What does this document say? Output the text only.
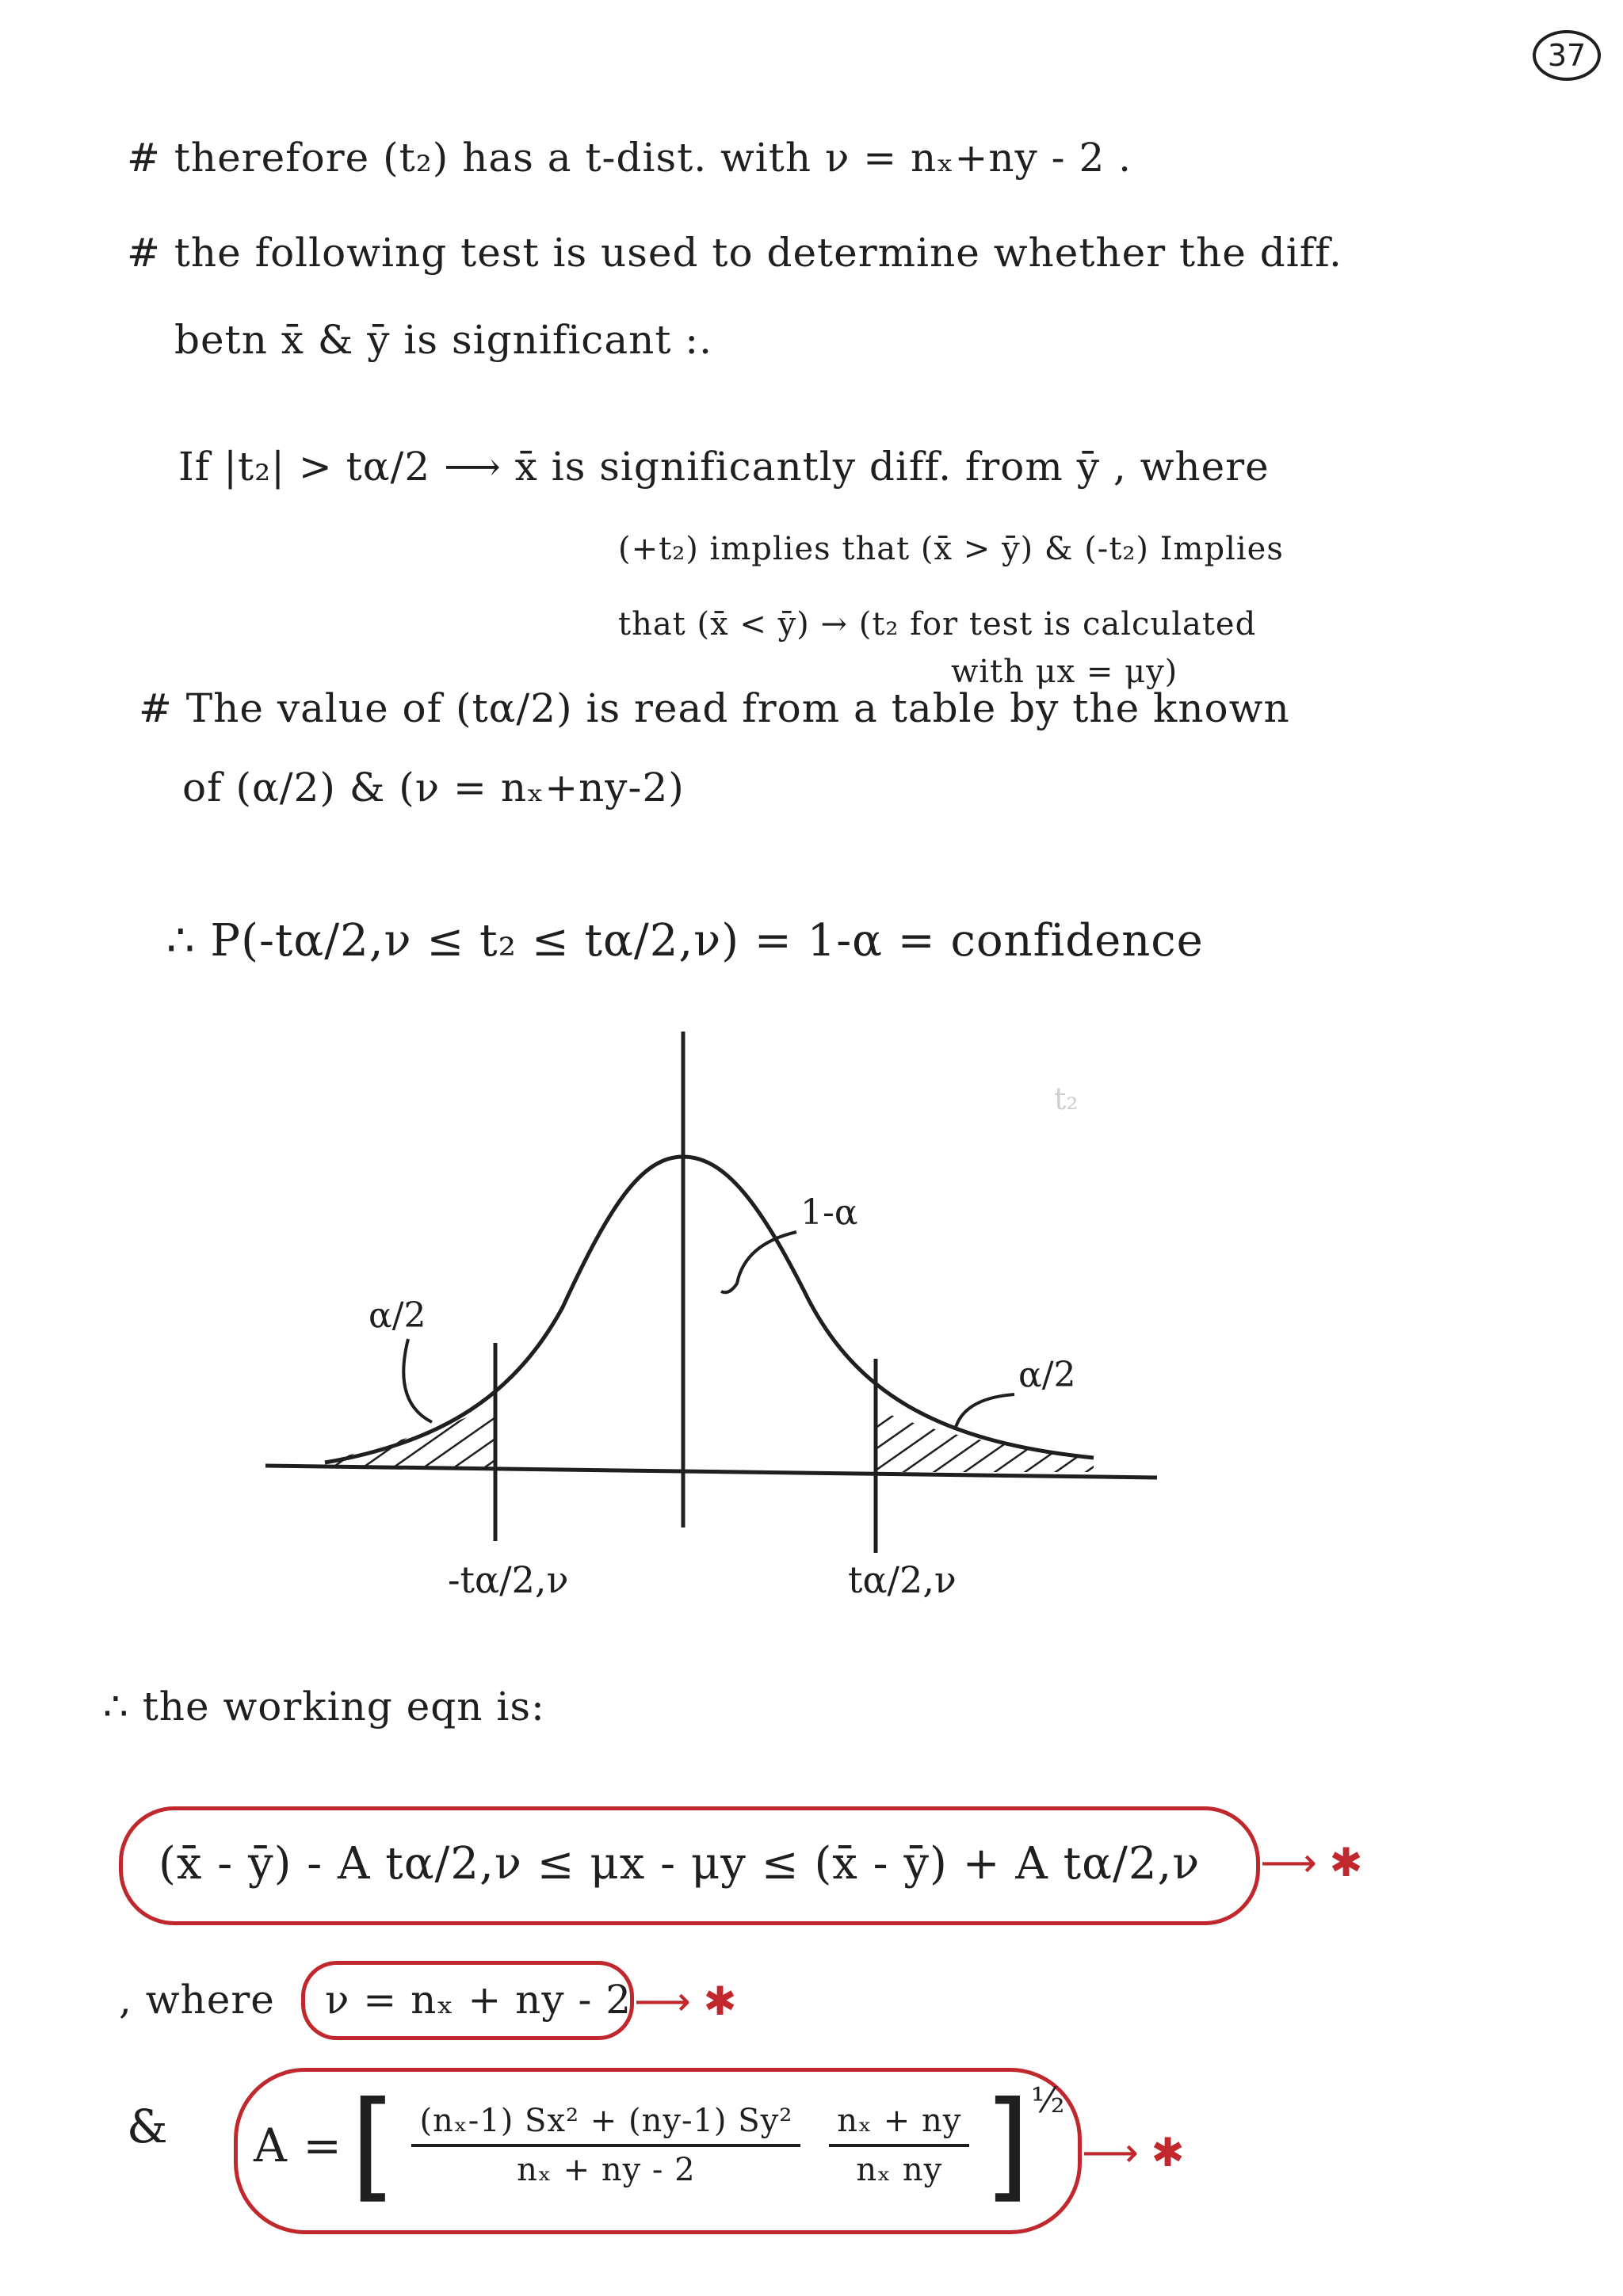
37
# therefore (t₂) has a t-dist. with ν = nₓ+ny - 2 .
# the following test is used to determine whether the diff.
betn x̄ & ȳ is significant :.
If |t₂| > tα/2 ⟶ x̄ is significantly diff. from ȳ , where
(+t₂) implies that (x̄ > ȳ) & (-t₂) Implies
that (x̄ < ȳ) → (t₂ for test is calculated
with μx = μy)
# The value of (tα/2) is read from a table by the known
of (α/2) & (ν = nₓ+ny-2)
∴ P(-tα/2,ν ≤ t₂ ≤ tα/2,ν) = 1-α = confidence
α/2
α/2
1-α
t₂
-tα/2,ν	tα/2,ν
∴ the working eqn is:
(x̄ - ȳ) - A tα/2,ν ≤ μx - μy ≤ (x̄ - ȳ) + A tα/2,ν ⟶ ✱
, where ν = nₓ + ny - 2 ⟶ ✱
& A = [ $\frac{\text{(nₓ-1) Sx² + (ny-1) Sy²}}{\text{nₓ + ny - 2}} \frac{\text{nₓ + ny}}{\text{nₓ ny}}$ ] ½
⟶ ✱
